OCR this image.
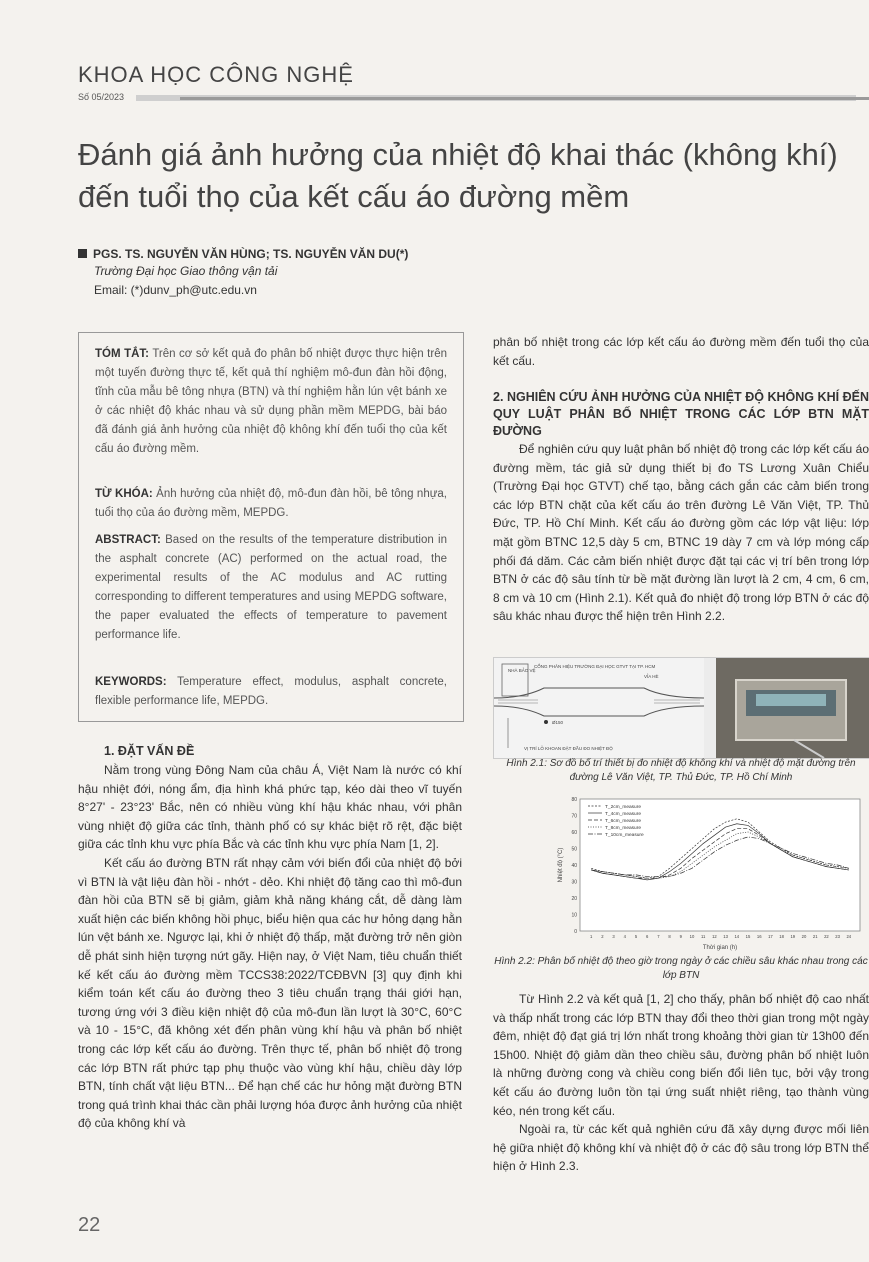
KHOA HỌC CÔNG NGHỆ
Số 05/2023
Đánh giá ảnh hưởng của nhiệt độ khai thác (không khí)
đến tuổi thọ của kết cấu áo đường mềm
PGS. TS. NGUYỄN VĂN HÙNG; TS. NGUYỄN VĂN DU(*)
Trường Đại học Giao thông vận tải
Email: (*)dunv_ph@utc.edu.vn
TÓM TẮT: Trên cơ sở kết quả đo phân bố nhiệt được thực hiện trên một tuyến đường thực tế, kết quả thí nghiệm mô-đun đàn hồi động, tĩnh của mẫu bê tông nhựa (BTN) và thí nghiệm hằn lún vệt bánh xe ở các nhiệt độ khác nhau và sử dụng phần mềm MEPDG, bài báo đã đánh giá ảnh hưởng của nhiệt độ không khí đến tuổi thọ của kết cấu áo đường mềm.
TỪ KHÓA: Ảnh hưởng của nhiệt độ, mô-đun đàn hồi, bê tông nhựa, tuổi thọ của áo đường mềm, MEPDG.
ABSTRACT: Based on the results of the temperature distribution in the asphalt concrete (AC) performed on the actual road, the experimental results of the AC modulus and AC rutting corresponding to different temperatures and using MEPDG software, the paper evaluated the effects of temperature to pavement performance life.
KEYWORDS: Temperature effect, modulus, asphalt concrete, flexible performance life, MEPDG.
1. ĐẶT VẤN ĐỀ
Nằm trong vùng Đông Nam của châu Á, Việt Nam là nước có khí hậu nhiệt đới, nóng ẩm, địa hình khá phức tạp, kéo dài theo vĩ tuyến 8°27' - 23°23' Bắc, nên có nhiều vùng khí hậu khác nhau, với phân vùng nhiệt độ giữa các tỉnh, thành phố có sự khác biệt rõ rệt, đặc biệt giữa các tỉnh khu vực phía Bắc và các tỉnh khu vực phía Nam [1, 2].
Kết cấu áo đường BTN rất nhạy cảm với biến đổi của nhiệt độ bởi vì BTN là vật liệu đàn hồi - nhớt - dẻo. Khi nhiệt độ tăng cao thì mô-đun đàn hồi của BTN sẽ bị giảm, giảm khả năng kháng cắt, dễ dàng làm xuất hiện các biến không hồi phục, biểu hiện qua các hư hỏng dạng hằn lún vệt bánh xe. Ngược lại, khi ở nhiệt độ thấp, mặt đường trở nên giòn dễ phát sinh hiện tượng nứt gãy. Hiện nay, ở Việt Nam, tiêu chuẩn thiết kế kết cấu áo đường mềm TCCS38:2022/TCĐBVN [3] quy định khi kiểm toán kết cấu áo đường theo 3 tiêu chuẩn trạng thái giới hạn, tương ứng với 3 điều kiện nhiệt độ của mô-đun lần lượt là 30°C, 60°C và 10 - 15°C, đã không xét đến phân vùng khí hậu và phân bố nhiệt trong các lớp kết cấu áo đường. Trên thực tế, phân bố nhiệt độ trong các lớp BTN rất phức tạp phụ thuộc vào vùng khí hậu, chiều dày lớp BTN, tính chất vật liệu BTN... Để hạn chế các hư hỏng mặt đường BTN trong quá trình khai thác cần phải lượng hóa được ảnh hưởng của nhiệt độ của không khí và
phân bố nhiệt trong các lớp kết cấu áo đường mềm đến tuổi thọ của kết cấu.
2. NGHIÊN CỨU ẢNH HƯỞNG CỦA NHIỆT ĐỘ KHÔNG KHÍ ĐẾN QUY LUẬT PHÂN BỐ NHIỆT TRONG CÁC LỚP BTN MẶT ĐƯỜNG
Để nghiên cứu quy luật phân bố nhiệt độ trong các lớp kết cấu áo đường mềm, tác giả sử dụng thiết bị đo TS Lương Xuân Chiểu (Trường Đại học GTVT) chế tạo, bằng cách gắn các cảm biến trong các lớp BTN chặt của kết cấu áo trên đường Lê Văn Việt, TP. Thủ Đức, TP. Hồ Chí Minh. Kết cấu áo đường gồm các lớp vật liệu: lớp mặt gồm BTNC 12,5 dày 5 cm, BTNC 19 dày 7 cm và lớp móng cấp phối đá dăm. Các cảm biến nhiệt được đặt tại các vị trí bên trong lớp BTN ở các độ sâu tính từ bề mặt đường lần lượt là 2 cm, 4 cm, 6 cm, 8 cm và 10 cm (Hình 2.1). Kết quả đo nhiệt độ trong lớp BTN ở các độ sâu khác nhau được thể hiện trên Hình 2.2.
NHÀ BẢO VỆ
CỔNG PHÂN HIỆU TRƯỜNG ĐẠI HỌC GTVT TẠI TP. HCM
VỈA HÈ
Ø150
VỊ TRÍ LỖ KHOAN ĐẶT ĐẦU ĐO NHIỆT ĐỘ
Hình 2.1: Sơ đồ bố trí thiết bị đo nhiệt độ không khí và nhiệt độ mặt đường trên đường Lê Văn Việt, TP. Thủ Đức, TP. Hồ Chí Minh
0
10
20
30
40
50
60
70
80
1 2 3 4 5 6 7 8 9 10 11 12 13 14 15 16 17 18 19 20 21 22 23 24
T_2cm_measure
T_4cm_measure
T_6cm_measure
T_8cm_measure
T_10cm_measure
Nhiệt độ (°C)
Thời gian (h)
Hình 2.2: Phân bố nhiệt độ theo giờ trong ngày ở các chiều sâu khác nhau trong các lớp BTN
Từ Hình 2.2 và kết quả [1, 2] cho thấy, phân bố nhiệt độ cao nhất và thấp nhất trong các lớp BTN thay đổi theo thời gian trong một ngày đêm, nhiệt độ đạt giá trị lớn nhất trong khoảng thời gian từ 13h00 đến 15h00. Nhiệt độ giảm dần theo chiều sâu, đường phân bố nhiệt luôn là những đường cong và chiều cong biến đổi liên tục, bởi vậy trong kết cấu áo đường luôn tồn tại ứng suất nhiệt riêng, tạo thành vùng kéo, nén trong kết cấu.
Ngoài ra, từ các kết quả nghiên cứu đã xây dựng được mối liên hệ giữa nhiệt độ không khí và nhiệt độ ở các độ sâu trong lớp BTN thể hiện ở Hình 2.3.
22
